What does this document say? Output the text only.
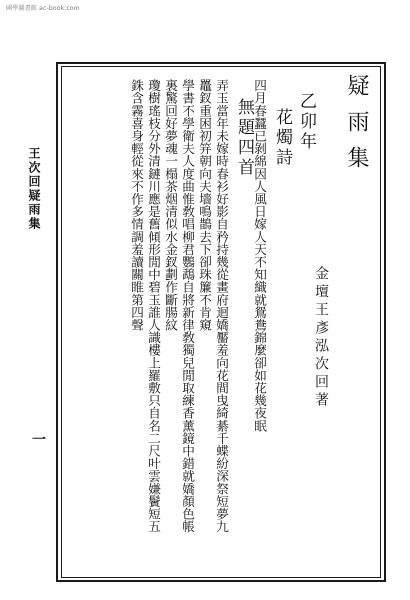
國學圖書館 ac-book.com
王次回疑雨集
一
疑雨集
金壇王彥泓次回著
乙卯年
花燭詩
四月春蠶已剝綿因人風日嫁人天不知織就鴛鴦錦麼卻如花幾夜眠
無題四首
弄玉當年未嫁時春衫好影自矜持幾從畫府迴嬌靨羞向花間曳綺綦千蝶紛深祭短夢九
鼉釵重困初笄朝向夫墻鳴鵲去下卻珠簾不肯窺
學書不學衛夫人度曲惟敎唱柳君鸚鵡自將新律敎獨兒閒取練香薰鏡中錯就嬌顏色帳
裏驚回好夢魂一榻茶烟清似水金釵劃作斷腸紋
瓊樹瑤枝分外清鏈川應是舊傾形閒中碧玉誰人識樓上羅敷只自名二尺叶雲嫌鬢短五
銖含霧喜身輕從來不作多情調羞讀關睢第四聲
